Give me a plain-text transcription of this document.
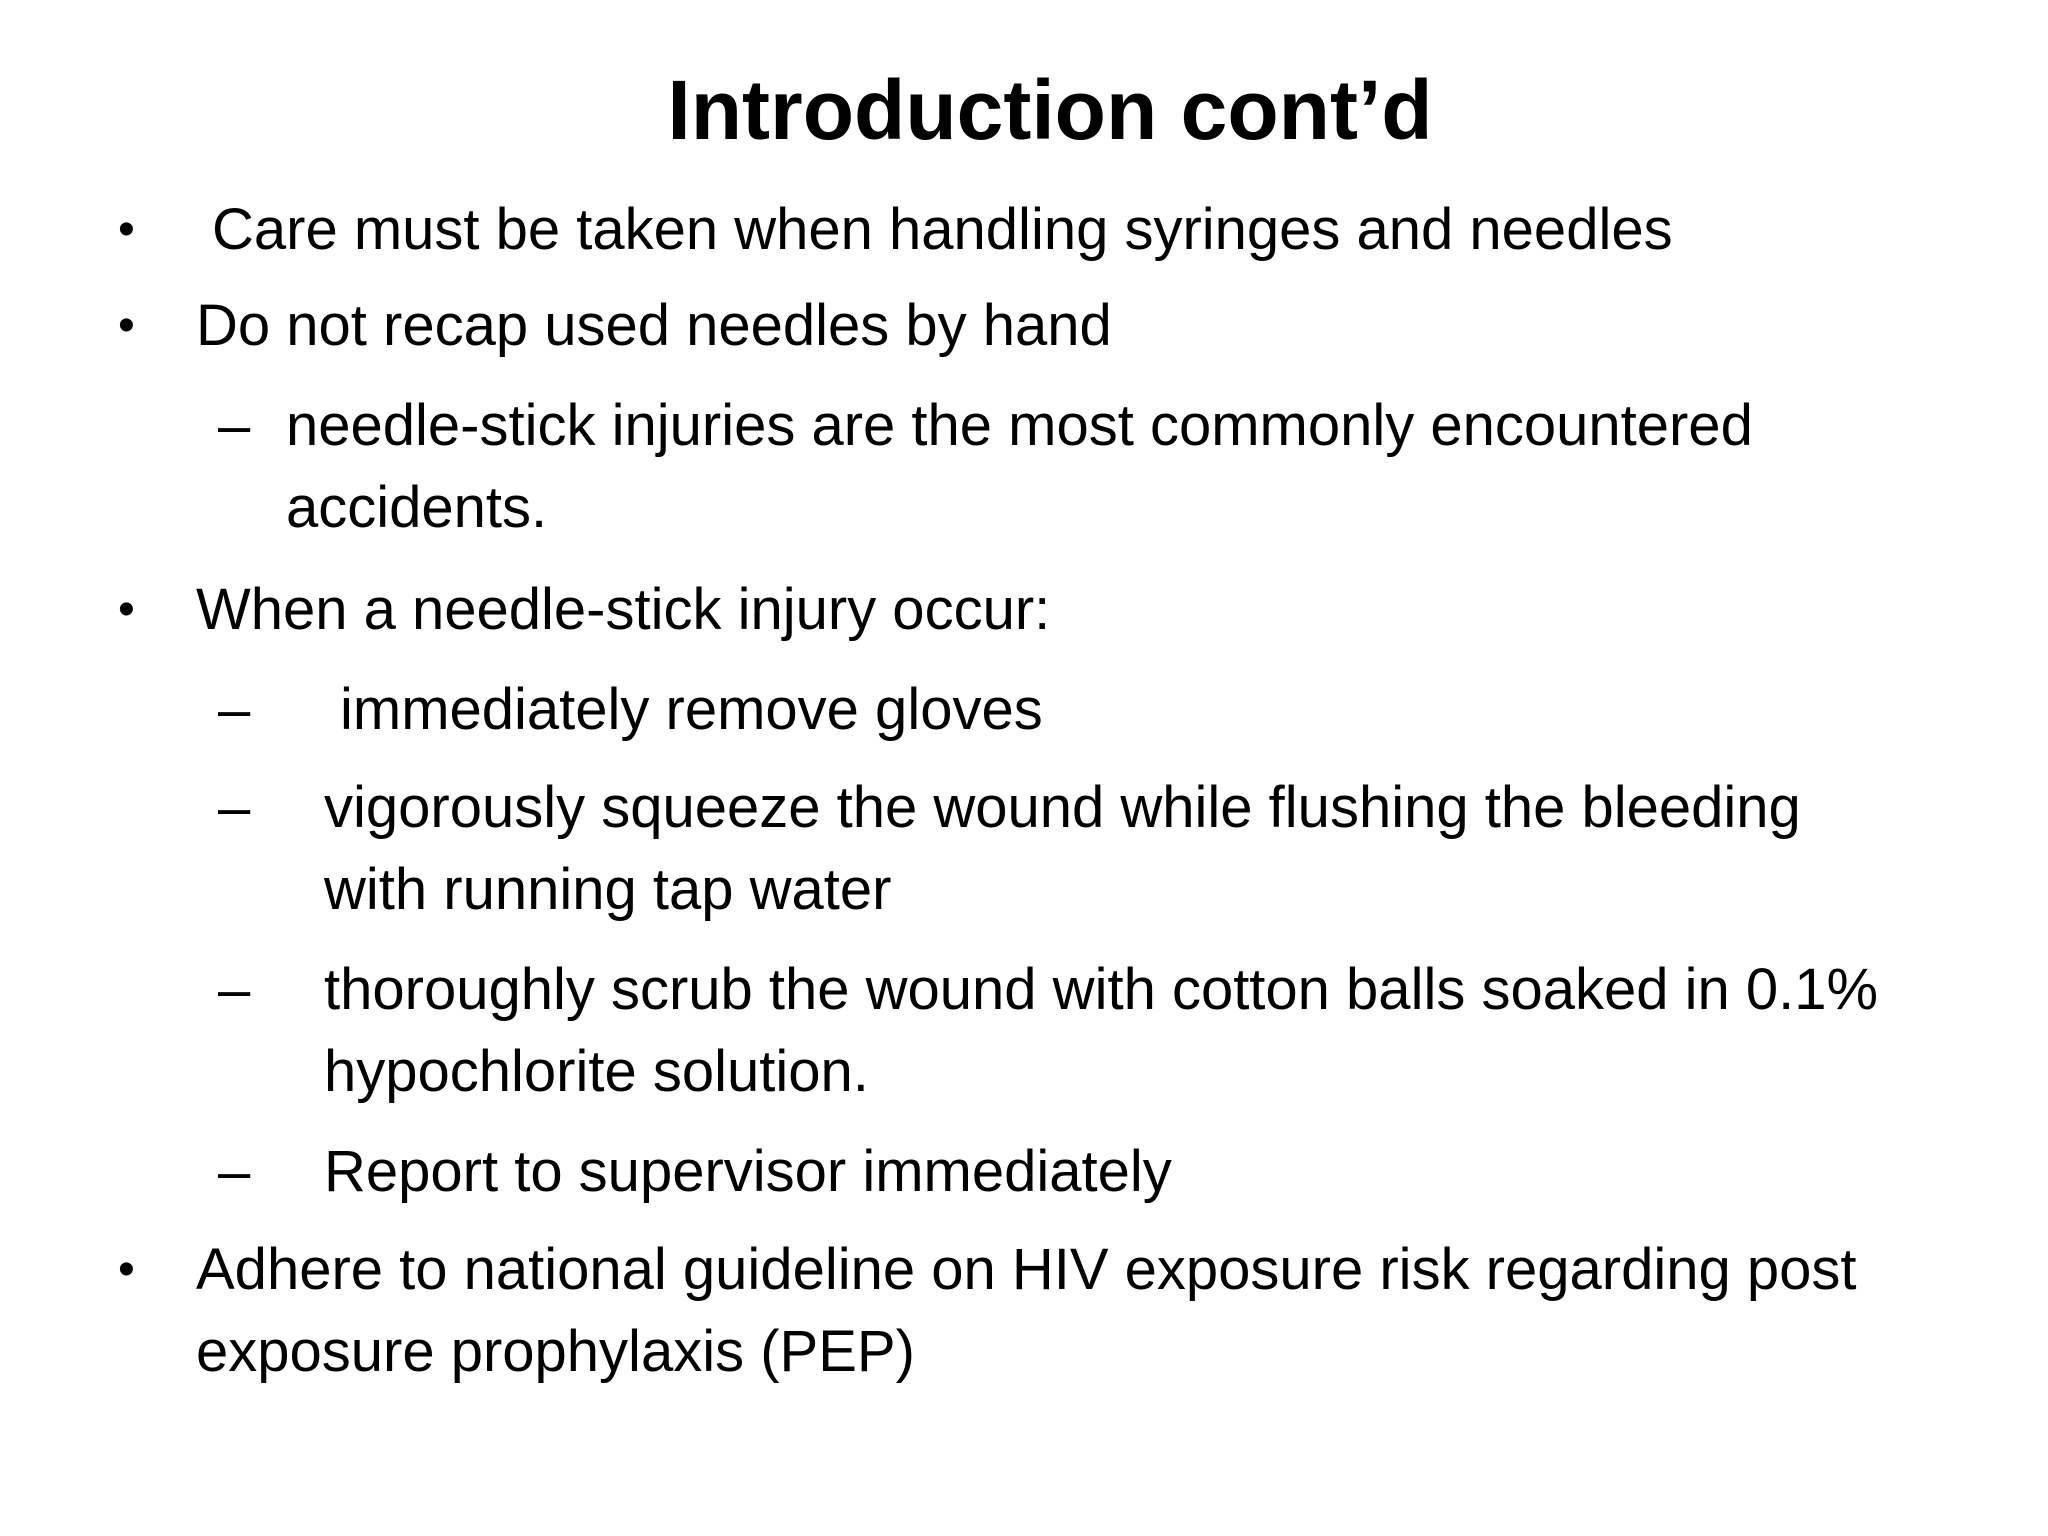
Introduction cont’d
• Care must be taken when handling syringes and needles
• Do not recap used needles by hand
– needle-stick injuries are the most commonly encountered
accidents.
• When a needle-stick injury occur:
– immediately remove gloves
– vigorously squeeze the wound while flushing the bleeding
with running tap water
– thoroughly scrub the wound with cotton balls soaked in 0.1%
hypochlorite solution.
– Report to supervisor immediately
• Adhere to national guideline on HIV exposure risk regarding post
exposure prophylaxis (PEP)
